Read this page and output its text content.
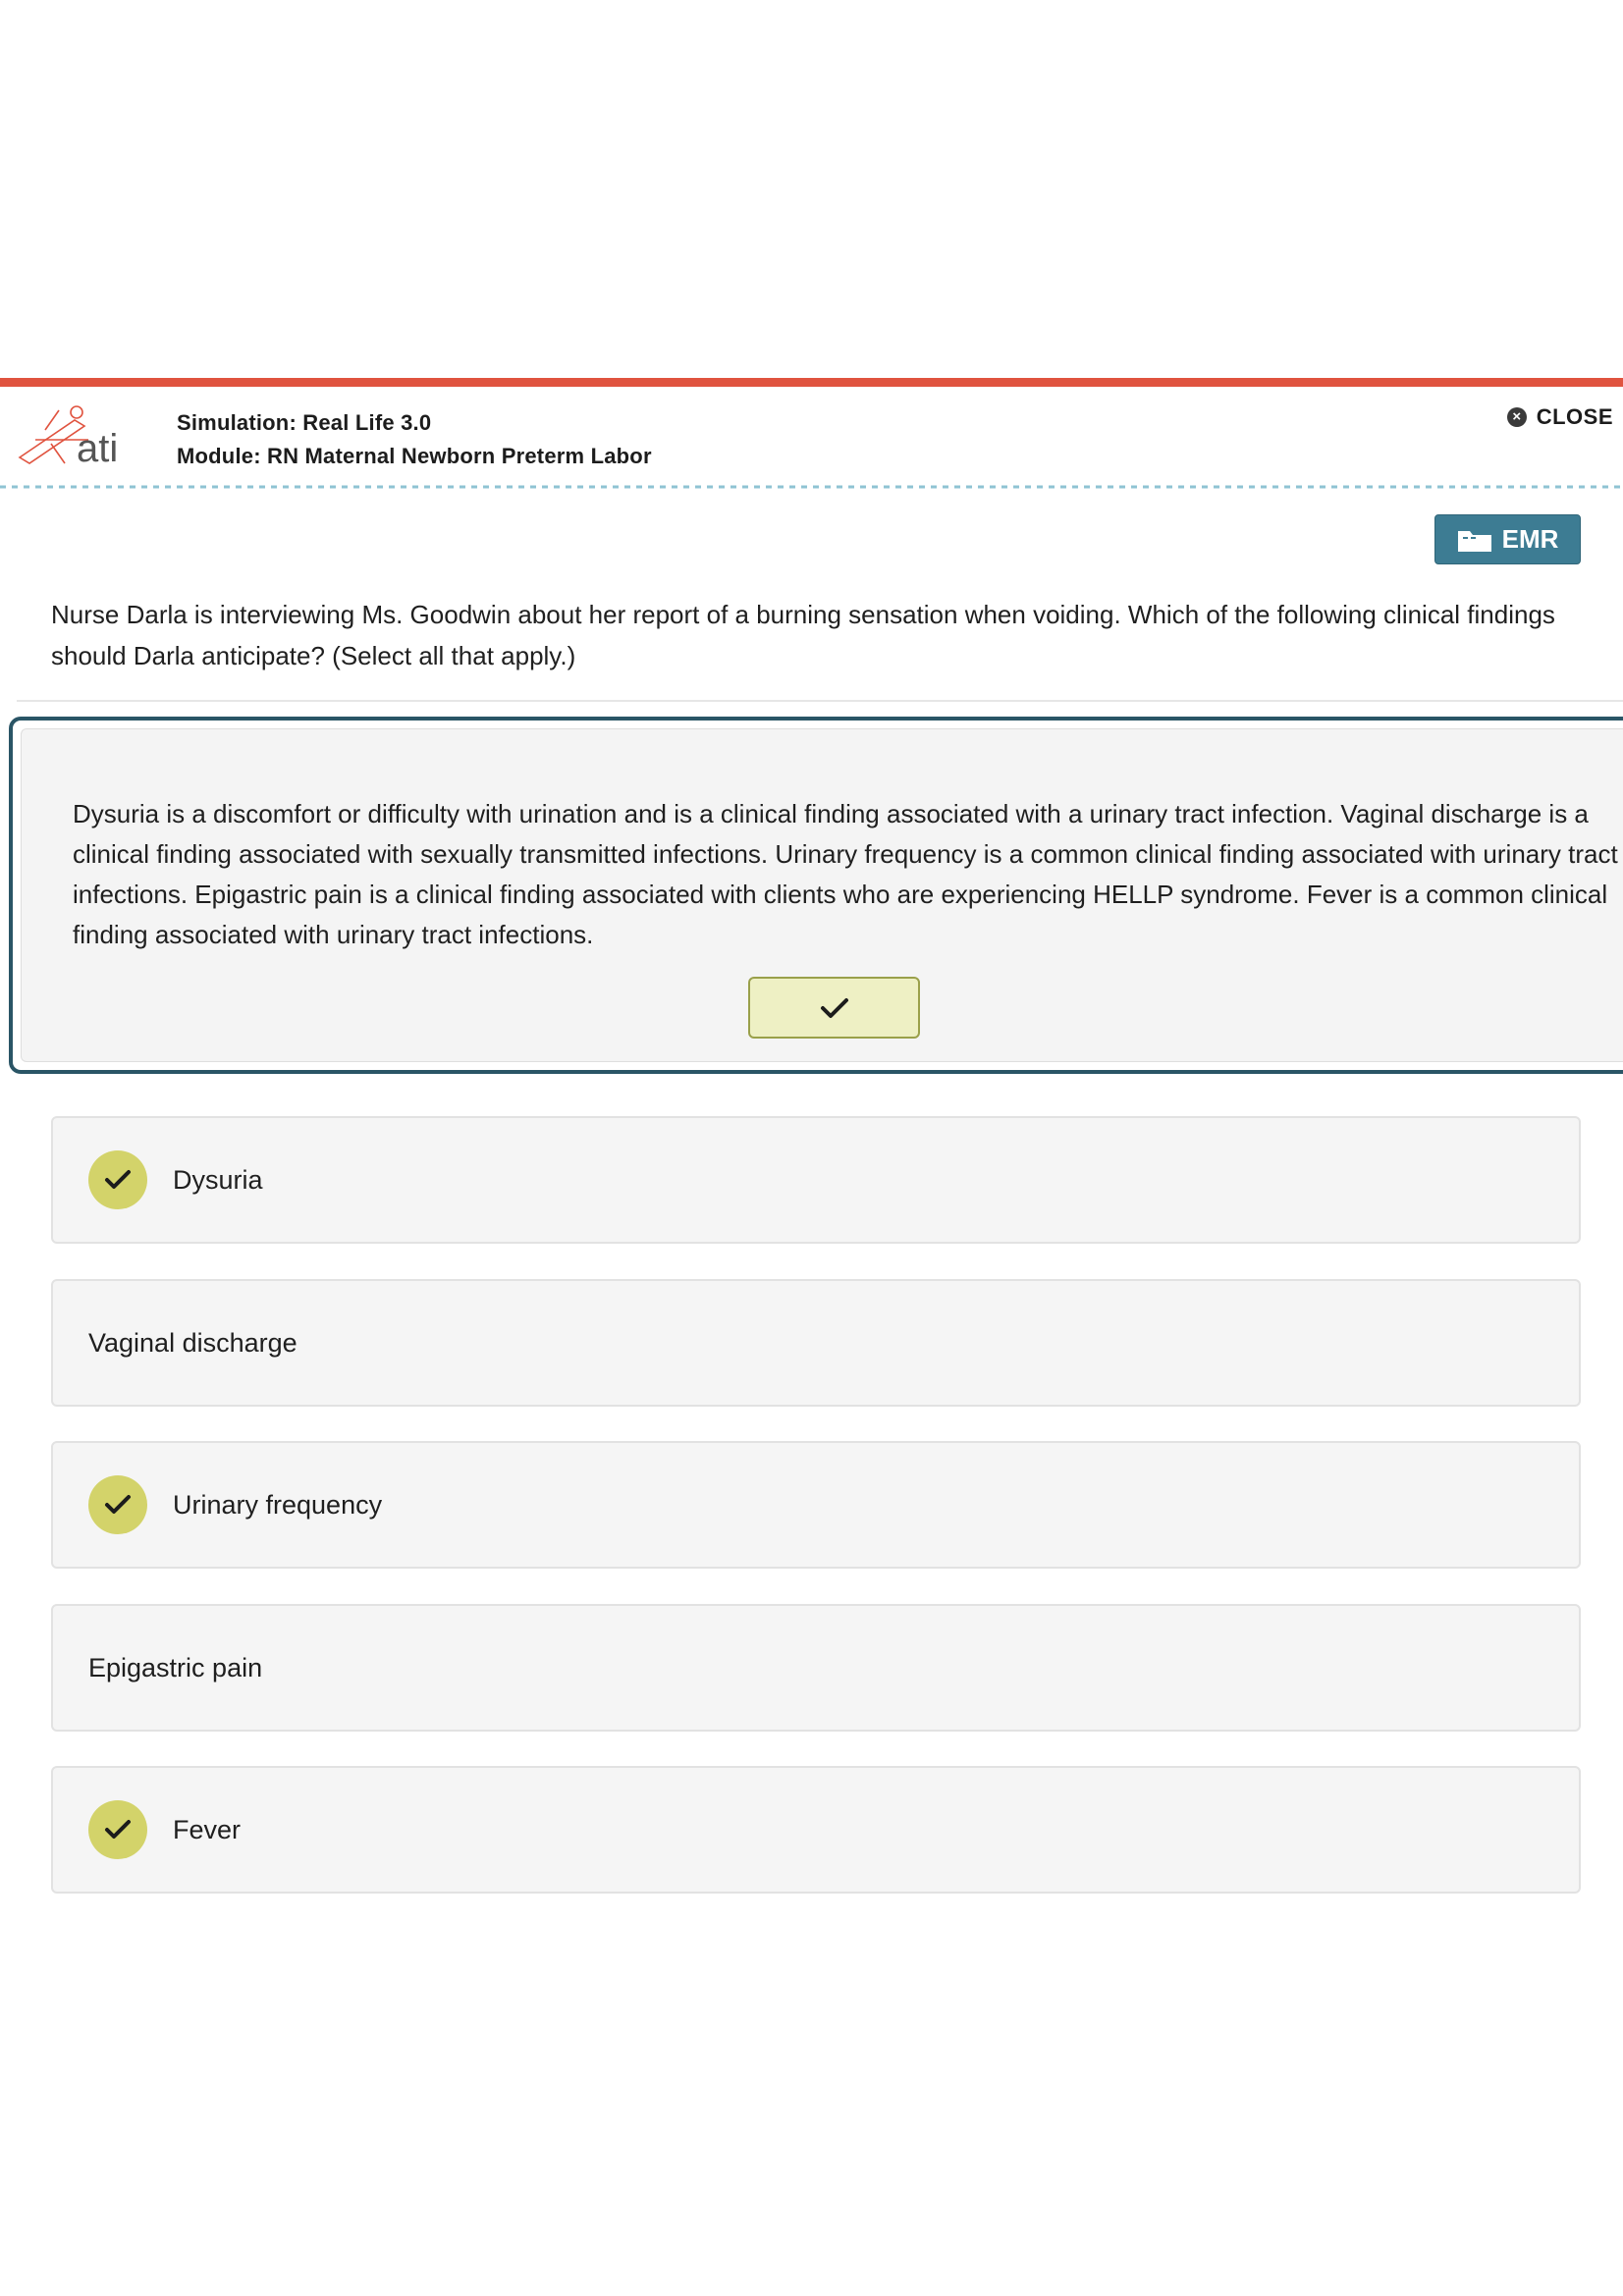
ati
Simulation: Real Life 3.0
Module: RN Maternal Newborn Preterm Labor
× CLOSE
EMR
Nurse Darla is interviewing Ms. Goodwin about her report of a burning sensation when voiding. Which of the following clinical findings should Darla anticipate? (Select all that apply.)
Dysuria is a discomfort or difficulty with urination and is a clinical finding associated with a urinary tract infection. Vaginal discharge is a clinical finding associated with sexually transmitted infections. Urinary frequency is a common clinical finding associated with urinary tract infections. Epigastric pain is a clinical finding associated with clients who are experiencing HELLP syndrome. Fever is a common clinical finding associated with urinary tract infections.
Dysuria
Vaginal discharge
Urinary frequency
Epigastric pain
Fever
